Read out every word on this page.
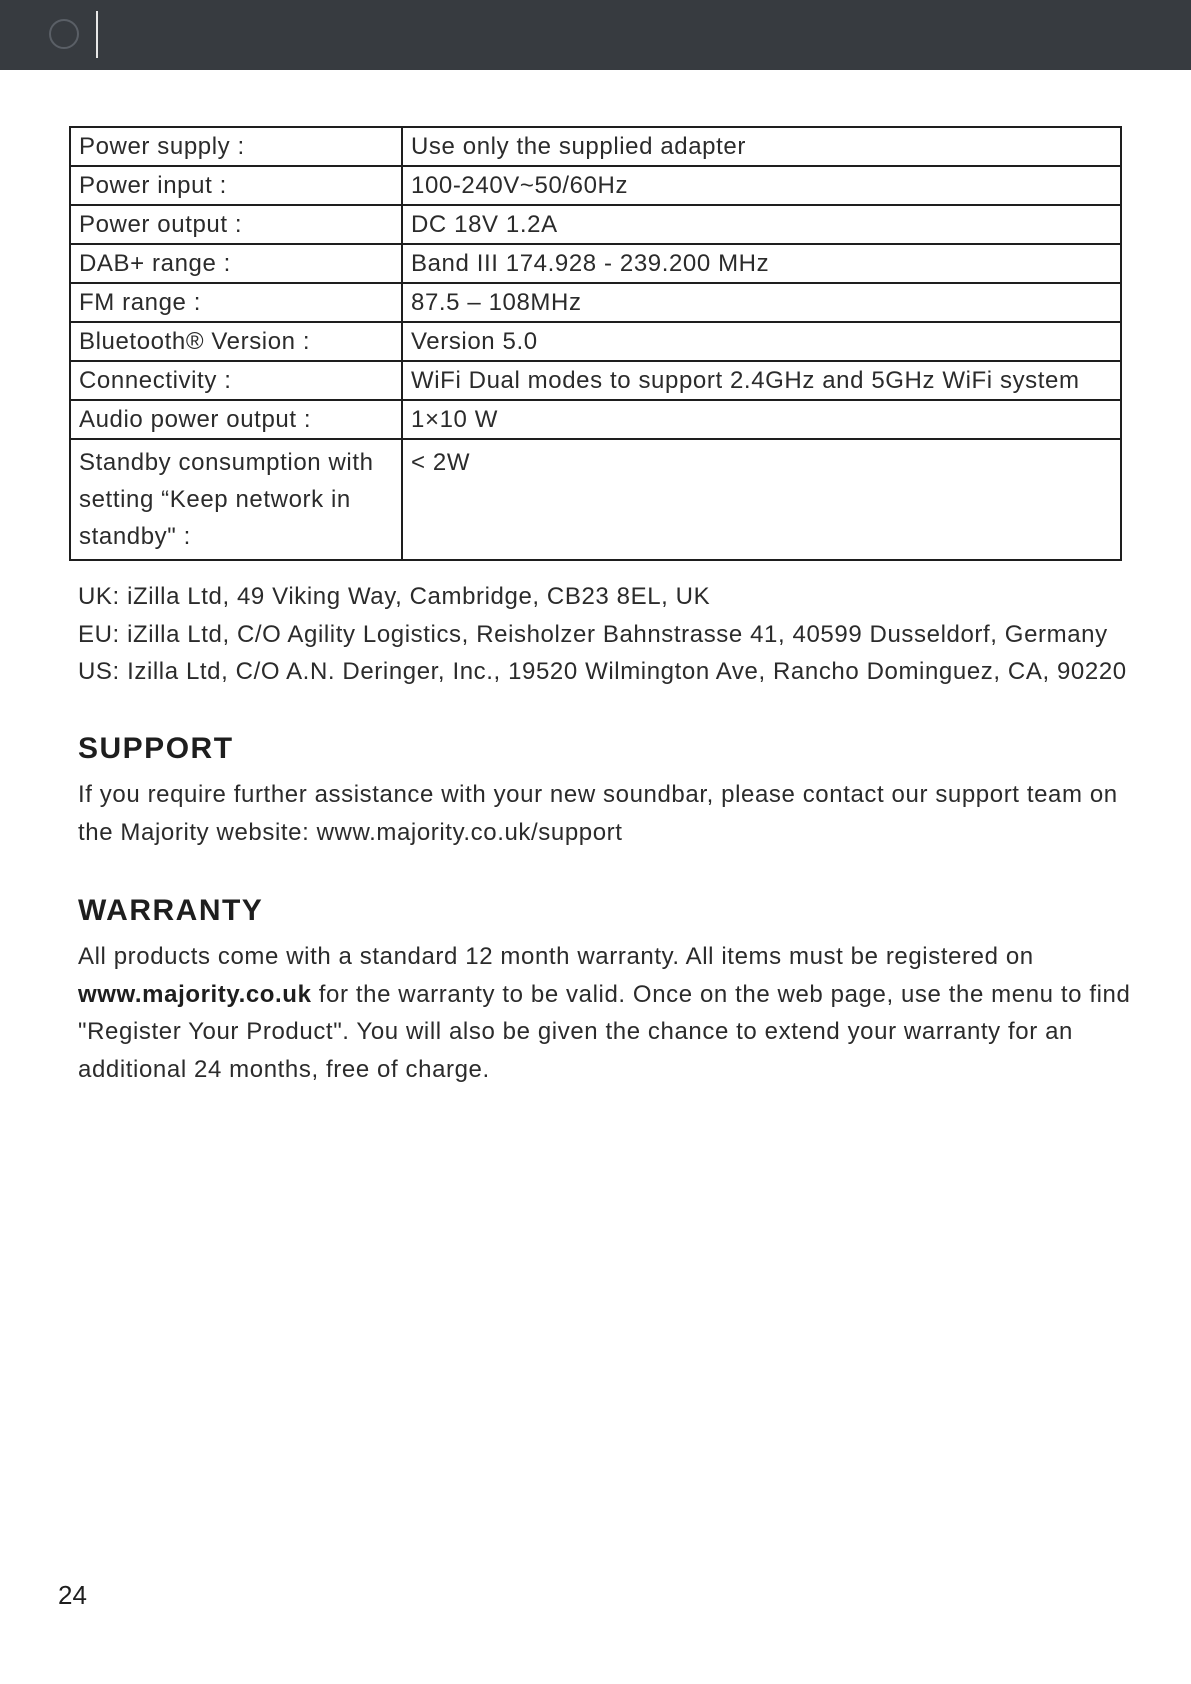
Power supply :	Use only the supplied adapter
Power input :	100-240V~50/60Hz
Power output :	DC 18V 1.2A
DAB+ range :	Band III 174.928 - 239.200 MHz
FM range :	87.5 – 108MHz
Bluetooth® Version :	Version 5.0
Connectivity :	WiFi Dual modes to support 2.4GHz and 5GHz WiFi system
Audio power output :	1×10 W

Standby consumption with
setting “Keep network in
standby" :	< 2W
UK: iZilla Ltd, 49 Viking Way, Cambridge, CB23 8EL, UK
EU: iZilla Ltd, C/O Agility Logistics, Reisholzer Bahnstrasse 41, 40599 Dusseldorf, Germany
US: Izilla Ltd, C/O A.N. Deringer, Inc., 19520 Wilmington Ave, Rancho Dominguez, CA, 90220
SUPPORT
If you require further assistance with your new soundbar, please contact our support team on the Majority website: www.majority.co.uk/support
WARRANTY
All products come with a standard 12 month warranty. All items must be registered on
www.majority.co.uk for the warranty to be valid. Once on the web page, use the menu to find "Register Your Product". You will also be given the chance to extend your warranty for an additional 24 months, free of charge.
24
